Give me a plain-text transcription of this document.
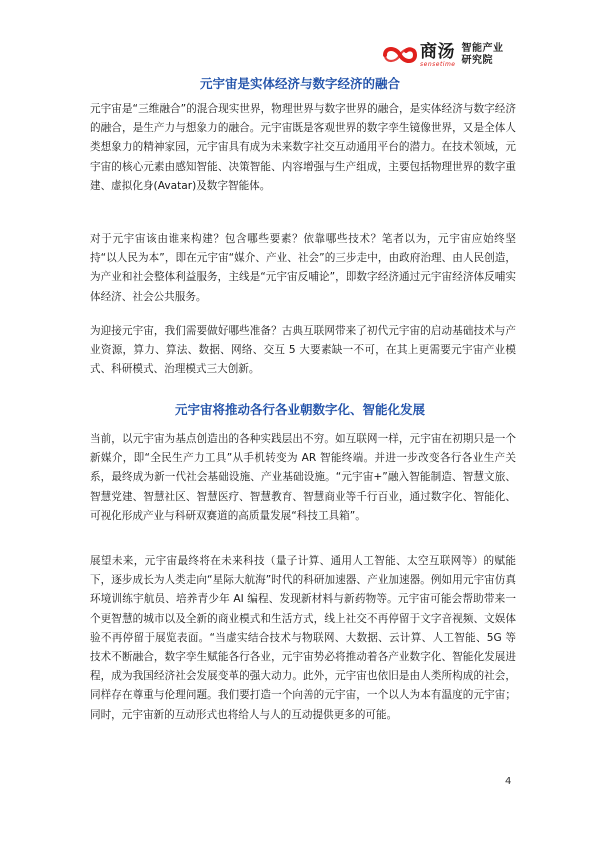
商汤
sensetime
智能产业
研究院
元宇宙是实体经济与数字经济的融合

元宇宙是“三维融合”的混合现实世界，物理世界与数字世界的融合，是实体经济与数字经济的融合，是生产力与想象力的融合。元宇宙既是客观世界的数字孪生镜像世界，又是全体人类想象力的精神家园，元宇宙具有成为未来数字社交互动通用平台的潜力。在技术领域，元宇宙的核心元素由感知智能、决策智能、内容增强与生产组成，主要包括物理世界的数字重建、虚拟化身(Avatar)及数字智能体。

对于元宇宙该由谁来构建？包含哪些要素？依靠哪些技术？笔者以为，元宇宙应始终坚持“以人民为本”，即在元宇宙“媒介、产业、社会”的三步走中，由政府治理、由人民创造，为产业和社会整体利益服务，主线是“元宇宙反哺论”，即数字经济通过元宇宙经济体反哺实体经济、社会公共服务。

为迎接元宇宙，我们需要做好哪些准备？古典互联网带来了初代元宇宙的启动基础技术与产业资源，算力、算法、数据、网络、交互 5 大要素缺一不可，在其上更需要元宇宙产业模式、科研模式、治理模式三大创新。

元宇宙将推动各行各业朝数字化、智能化发展

当前，以元宇宙为基点创造出的各种实践层出不穷。如互联网一样，元宇宙在初期只是一个新媒介，即“全民生产力工具”从手机转变为 AR 智能终端。并进一步改变各行各业生产关系，最终成为新一代社会基础设施、产业基础设施。“元宇宙+”融入智能制造、智慧文旅、智慧党建、智慧社区、智慧医疗、智慧教育、智慧商业等千行百业，通过数字化、智能化、可视化形成产业与科研双赛道的高质量发展“科技工具箱”。

展望未来，元宇宙最终将在未来科技（量子计算、通用人工智能、太空互联网等）的赋能下，逐步成长为人类走向“星际大航海”时代的科研加速器、产业加速器。例如用元宇宙仿真环境训练宇航员、培养青少年 AI 编程、发现新材料与新药物等。元宇宙可能会帮助带来一个更智慧的城市以及全新的商业模式和生活方式，线上社交不再停留于文字音视频、文娱体验不再停留于展览表面。“当虚实结合技术与物联网、大数据、云计算、人工智能、5G 等技术不断融合，数字孪生赋能各行各业，元宇宙势必将推动着各产业数字化、智能化发展进程，成为我国经济社会发展变革的强大动力。此外，元宇宙也依旧是由人类所构成的社会，同样存在尊重与伦理问题。我们要打造一个向善的元宇宙，一个以人为本有温度的元宇宙；同时，元宇宙新的互动形式也将给人与人的互动提供更多的可能。

4
